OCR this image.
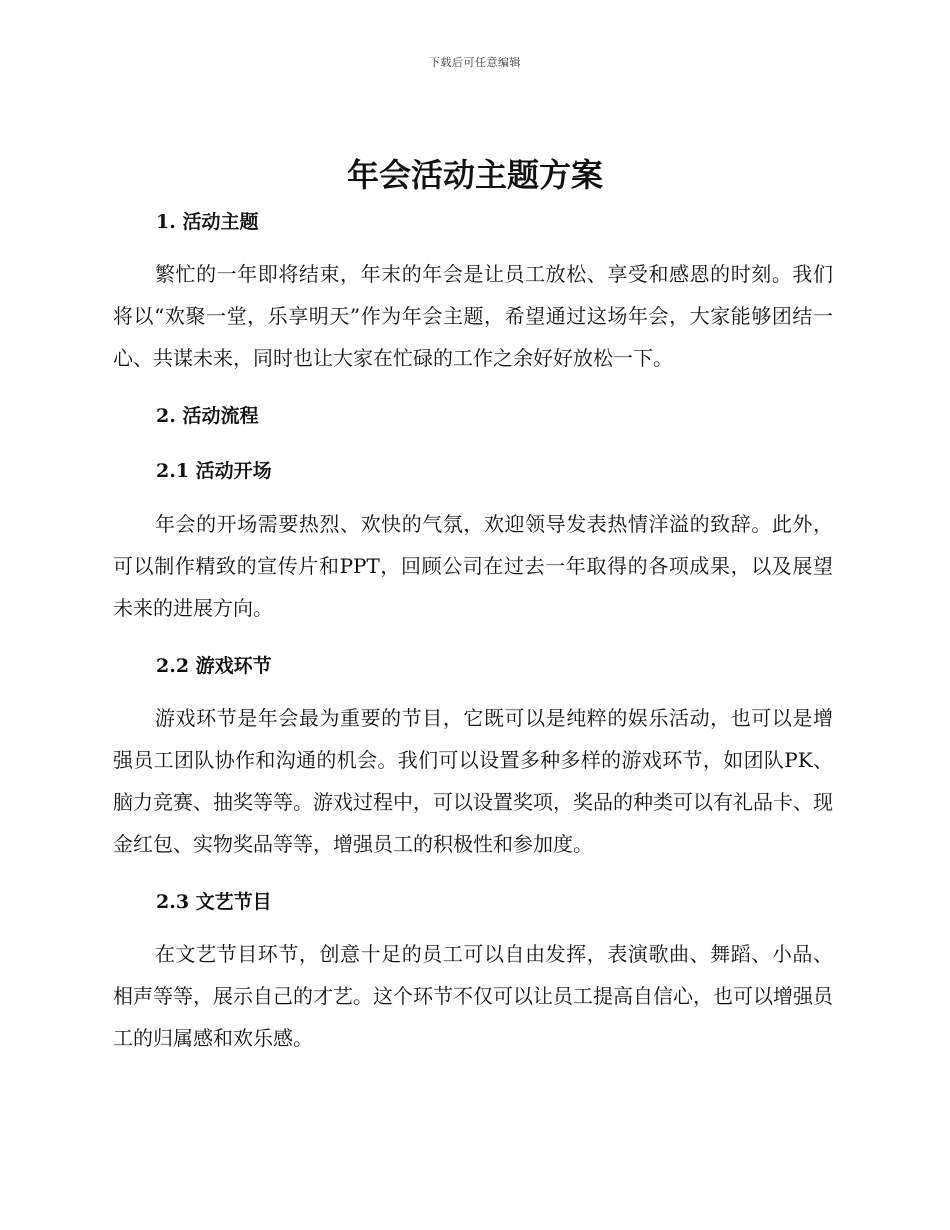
下载后可任意编辑
年会活动主题方案
1. 活动主题

繁忙的一年即将结束，年末的年会是让员工放松、享受和感恩的时刻。我们将以“欢聚一堂，乐享明天”作为年会主题，希望通过这场年会，大家能够团结一心、共谋未来，同时也让大家在忙碌的工作之余好好放松一下。

2. 活动流程
2.1 活动开场

年会的开场需要热烈、欢快的气氛，欢迎领导发表热情洋溢的致辞。此外，可以制作精致的宣传片和PPT，回顾公司在过去一年取得的各项成果，以及展望未来的进展方向。

2.2 游戏环节

游戏环节是年会最为重要的节目，它既可以是纯粹的娱乐活动，也可以是增强员工团队协作和沟通的机会。我们可以设置多种多样的游戏环节，如团队PK、脑力竞赛、抽奖等等。游戏过程中，可以设置奖项，奖品的种类可以有礼品卡、现金红包、实物奖品等等，增强员工的积极性和参加度。

2.3 文艺节目

在文艺节目环节，创意十足的员工可以自由发挥，表演歌曲、舞蹈、小品、相声等等，展示自己的才艺。这个环节不仅可以让员工提高自信心，也可以增强员工的归属感和欢乐感。
